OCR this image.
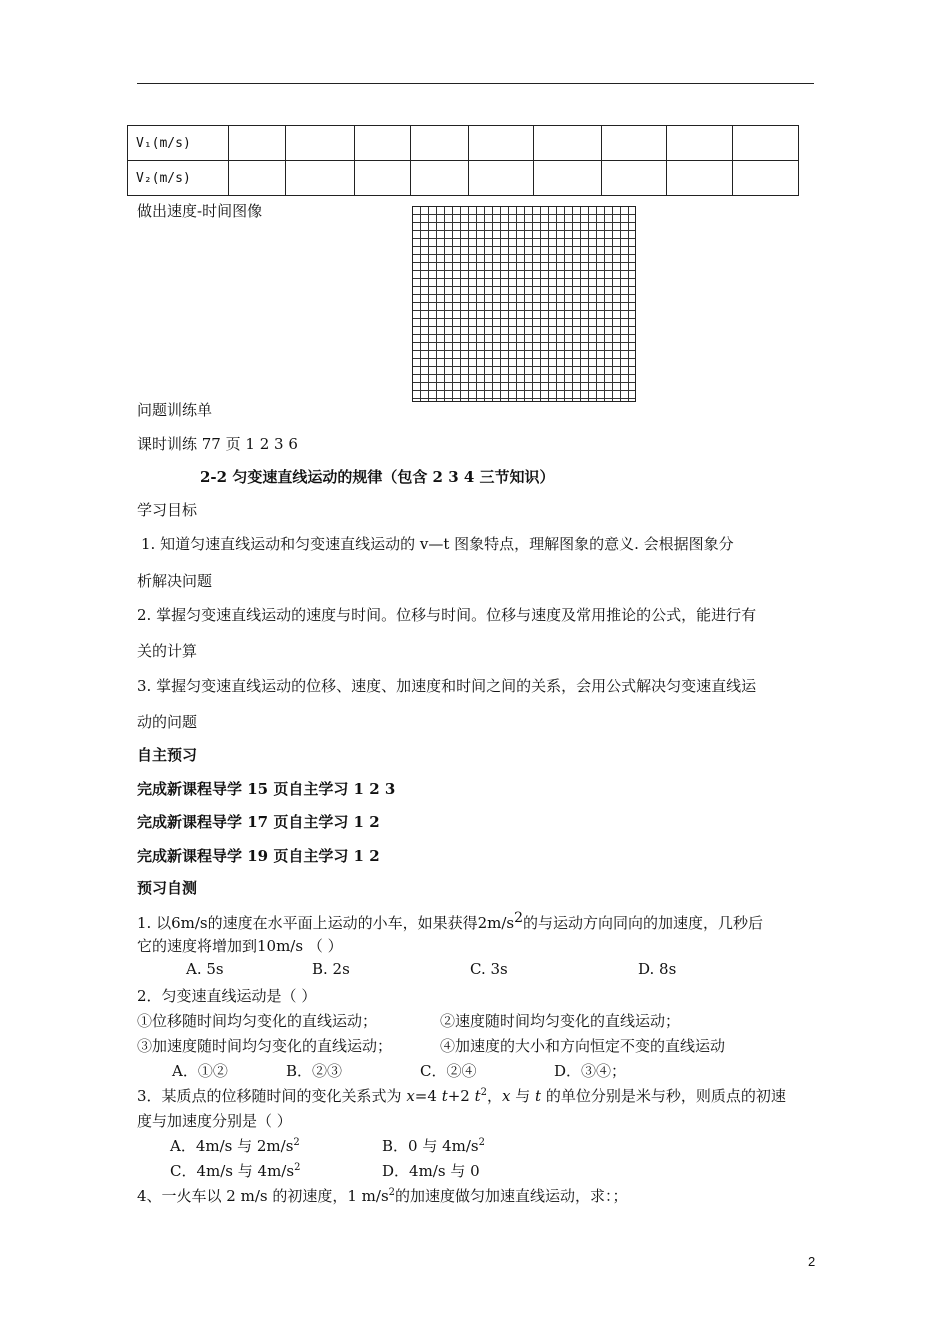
V₁(m/s)									
V₂(m/s)									
做出速度-时间图像
问题训练单
课时训练 77 页 1 2 3 6
2-2 匀变速直线运动的规律（包含 2 3 4 三节知识）
学习目标
1. 知道匀速直线运动和匀变速直线运动的 v—t 图象特点，理解图象的意义. 会根据图象分
析解决问题
2. 掌握匀变速直线运动的速度与时间。位移与时间。位移与速度及常用推论的公式，能进行有
关的计算
3. 掌握匀变速直线运动的位移、速度、加速度和时间之间的关系，会用公式解决匀变速直线运
动的问题
自主预习
完成新课程导学 15 页自主学习 1 2 3
完成新课程导学 17 页自主学习 1 2
完成新课程导学 19 页自主学习 1 2
预习自测
1. 以6m/s的速度在水平面上运动的小车，如果获得2m/s2的与运动方向同向的加速度，几秒后
它的速度将增加到10m/s （ ）
A. 5s	B. 2s	C. 3s	D. 8s
2．匀变速直线运动是（ ）
①位移随时间均匀变化的直线运动；	②速度随时间均匀变化的直线运动；
③加速度随时间均匀变化的直线运动；	④加速度的大小和方向恒定不变的直线运动
A．①②	B．②③	C．②④	D．③④；
3．某质点的位移随时间的变化关系式为 x=4 t+2 $t^2$，x 与 t 的单位分别是米与秒，则质点的初速
度与加速度分别是（ ）
A．4m/s 与 $2m/s^2$	B．0 与 $4m/s^2$
C．4m/s 与 $4m/s^2$	D．4m/s 与 0
4、一火车以 2 m/s 的初速度，1 $m/s^2$的加速度做匀加速直线运动，求：；
2
